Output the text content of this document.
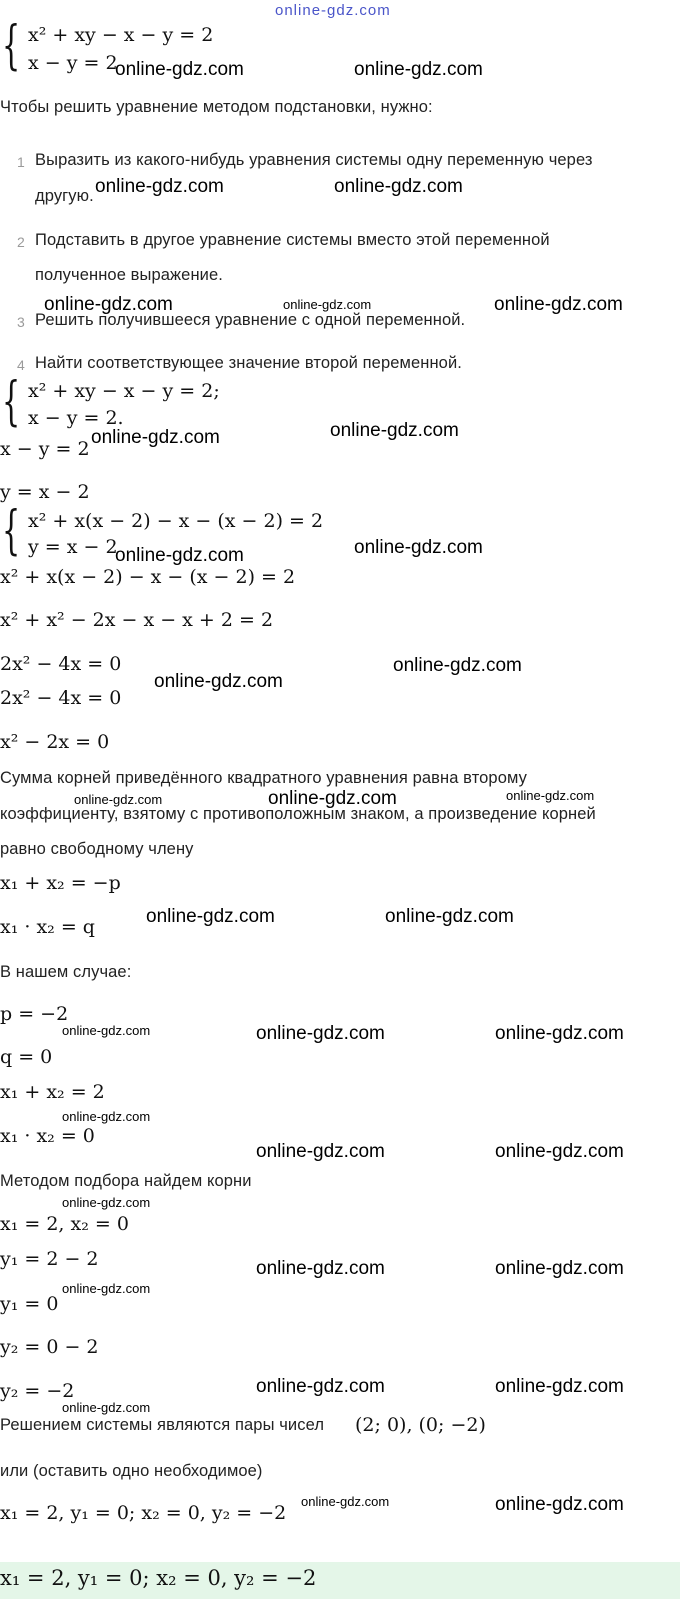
online-gdz.com
{ x² + xy − x − y = 2
x − y = 2
Чтобы решить уравнение методом подстановки, нужно:
1 Выразить из какого-нибудь уравнения системы одну переменную через
другую.
2 Подставить в другое уравнение системы вместо этой переменной
полученное выражение.
3 Решить получившееся уравнение с одной переменной.
4 Найти соответствующее значение второй переменной.
{ x² + xy − x − y = 2;
x − y = 2.
x − y = 2
y = x − 2
{ x² + x(x − 2) − x − (x − 2) = 2
y = x − 2
x² + x(x − 2) − x − (x − 2) = 2
x² + x² − 2x − x − x + 2 = 2
2x² − 4x = 0
2x² − 4x = 0
x² − 2x = 0
Сумма корней приведённого квадратного уравнения равна второму
коэффициенту, взятому с противоположным знаком, а произведение корней
равно свободному члену
x₁ + x₂ = −p
x₁ · x₂ = q
В нашем случае:
p = −2
q = 0
x₁ + x₂ = 2
x₁ · x₂ = 0
Методом подбора найдем корни
x₁ = 2, x₂ = 0
y₁ = 2 − 2
y₁ = 0
y₂ = 0 − 2
y₂ = −2
Решением системы являются пары чисел (2; 0), (0; −2)
или (оставить одно необходимое)
x₁ = 2, y₁ = 0; x₂ = 0, y₂ = −2
x₁ = 2, y₁ = 0; x₂ = 0, y₂ = −2
online-gdz.com	online-gdz.com
online-gdz.com	online-gdz.com
online-gdz.com	online-gdz.com	online-gdz.com
online-gdz.com	online-gdz.com
online-gdz.com	online-gdz.com
online-gdz.com
online-gdz.com
online-gdz.com	online-gdz.com	online-gdz.com
online-gdz.com	online-gdz.com
online-gdz.com	online-gdz.com	online-gdz.com
online-gdz.com
online-gdz.com	online-gdz.com
online-gdz.com
online-gdz.com	online-gdz.com
online-gdz.com
online-gdz.com	online-gdz.com
online-gdz.com
online-gdz.com	online-gdz.com
